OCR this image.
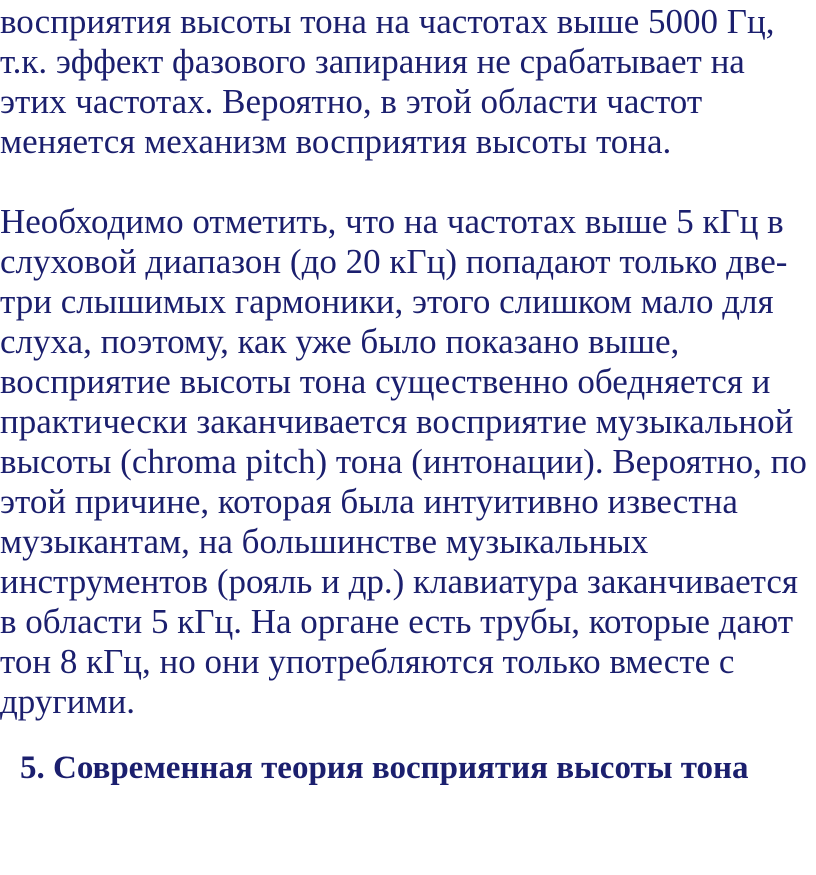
восприятия высоты тона на частотах выше 5000 Гц,
т.к. эффект фазового запирания не срабатывает на
этих частотах. Вероятно, в этой области частот
меняется механизм восприятия высоты тона.

Необходимо отметить, что на частотах выше 5 кГц в
слуховой диапазон (до 20 кГц) попадают только две-
три слышимых гармоники, этого слишком мало для
слуха, поэтому, как уже было показано выше,
восприятие высоты тона существенно обедняется и
практически заканчивается восприятие музыкальной
высоты (chroma pitch) тона (интонации). Вероятно, по
этой причине, которая была интуитивно известна
музыкантам, на большинстве музыкальных
инструментов (рояль и др.) клавиатура заканчивается
в области 5 кГц. На органе есть трубы, которые дают
тон 8 кГц, но они употребляются только вместе с
другими.

5. Современная теория восприятия высоты тона
